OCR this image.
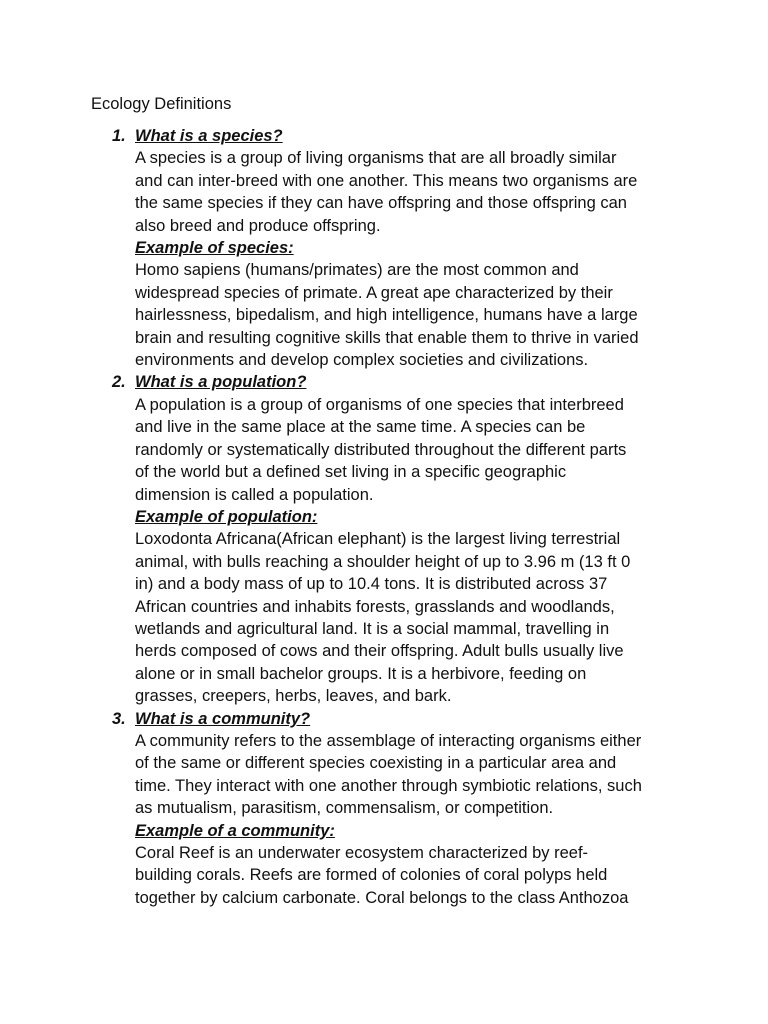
Ecology Definitions
1. What is a species?
A species is a group of living organisms that are all broadly similar
and can inter-breed with one another. This means two organisms are
the same species if they can have offspring and those offspring can
also breed and produce offspring.
Example of species:
Homo sapiens (humans/primates) are the most common and
widespread species of primate. A great ape characterized by their
hairlessness, bipedalism, and high intelligence, humans have a large
brain and resulting cognitive skills that enable them to thrive in varied
environments and develop complex societies and civilizations.
2. What is a population?
A population is a group of organisms of one species that interbreed
and live in the same place at the same time. A species can be
randomly or systematically distributed throughout the different parts
of the world but a defined set living in a specific geographic
dimension is called a population.
Example of population:
Loxodonta Africana(African elephant) is the largest living terrestrial
animal, with bulls reaching a shoulder height of up to 3.96 m (13 ft 0
in) and a body mass of up to 10.4 tons. It is distributed across 37
African countries and inhabits forests, grasslands and woodlands,
wetlands and agricultural land. It is a social mammal, travelling in
herds composed of cows and their offspring. Adult bulls usually live
alone or in small bachelor groups. It is a herbivore, feeding on
grasses, creepers, herbs, leaves, and bark.
3. What is a community?
A community refers to the assemblage of interacting organisms either
of the same or different species coexisting in a particular area and
time. They interact with one another through symbiotic relations, such
as mutualism, parasitism, commensalism, or competition.
Example of a community:
Coral Reef is an underwater ecosystem characterized by reef-
building corals. Reefs are formed of colonies of coral polyps held
together by calcium carbonate. Coral belongs to the class Anthozoa
